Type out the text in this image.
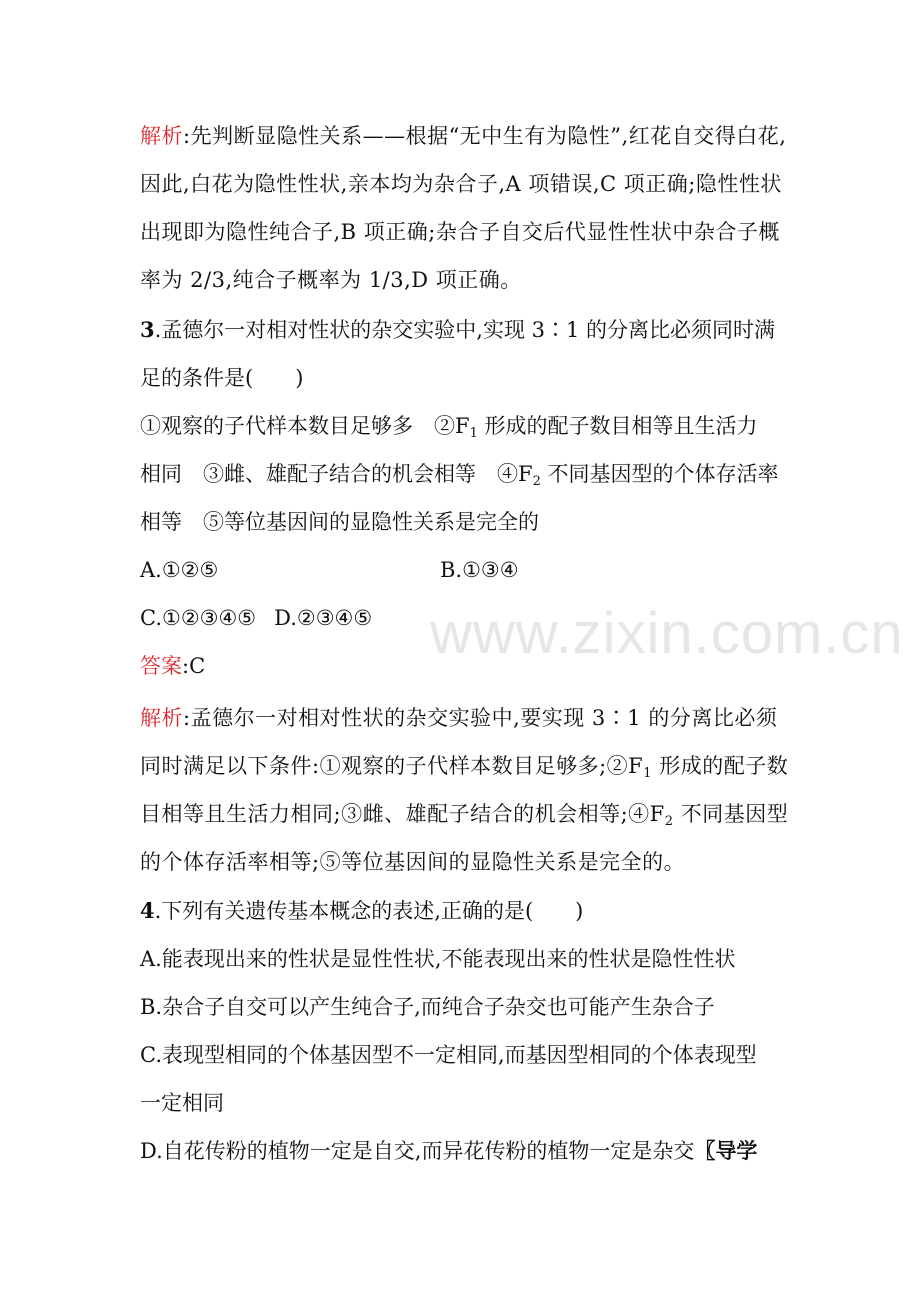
解析:先判断显隐性关系——根据“无中生有为隐性”,红花自交得白花,
因此,白花为隐性性状,亲本均为杂合子,A 项错误,C 项正确;隐性性状
出现即为隐性纯合子,B 项正确;杂合子自交后代显性性状中杂合子概
率为 2/3,纯合子概率为 1/3,D 项正确。
3.孟德尔一对相对性状的杂交实验中,实现 3∶1 的分离比必须同时满
足的条件是(　　)
①观察的子代样本数目足够多　$②F_1$ 形成的配子数目相等且生活力
相同　③雌、雄配子结合的机会相等　$④F_2$ 不同基因型的个体存活率
相等　⑤等位基因间的显隐性关系是完全的
A.①②⑤	B.①③④
C.①②③④⑤ D.②③④⑤
答案:C
解析:孟德尔一对相对性状的杂交实验中,要实现 3∶1 的分离比必须
同时满足以下条件:①观察的子代样本数目足够多$;②F_1$ 形成的配子数
目相等且生活力相同;③雌、雄配子结合的机会相等$;④F_2$ 不同基因型
的个体存活率相等;⑤等位基因间的显隐性关系是完全的。
4.下列有关遗传基本概念的表述,正确的是(　　)
A.能表现出来的性状是显性性状,不能表现出来的性状是隐性性状
B.杂合子自交可以产生纯合子,而纯合子杂交也可能产生杂合子
C.表现型相同的个体基因型不一定相同,而基因型相同的个体表现型
一定相同
D.自花传粉的植物一定是自交,而异花传粉的植物一定是杂交〖导学
www.zixin.com.cn
